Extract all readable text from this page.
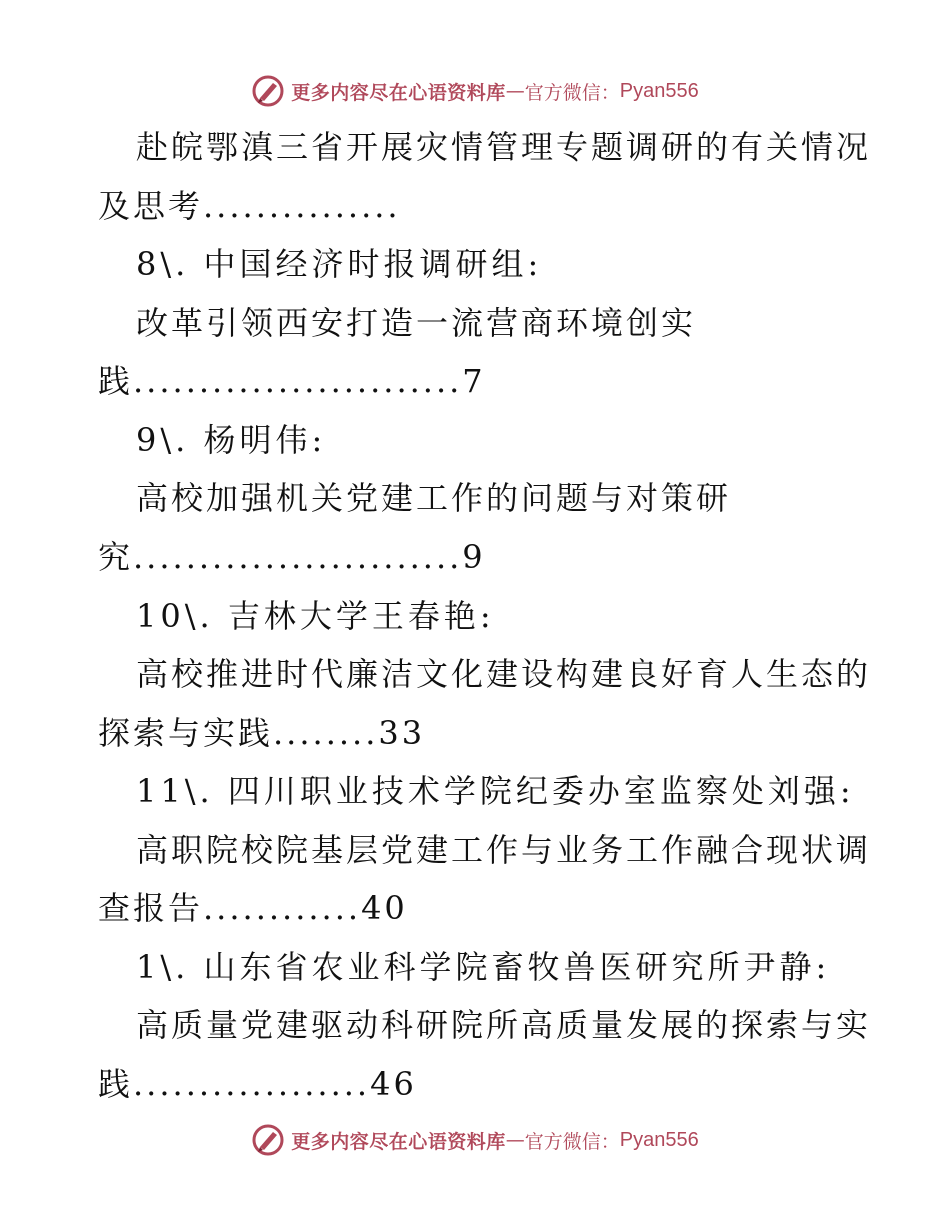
更多内容尽在心语资料库 — 官方微信： Pyan556
赴皖鄂滇三省开展灾情管理专题调研的有关情况
及思考...............
8\. 中国经济时报调研组:
改革引领西安打造一流营商环境创实
践.........................7
9\. 杨明伟:
高校加强机关党建工作的问题与对策研
究.........................9
10\. 吉林大学王春艳:
高校推进时代廉洁文化建设构建良好育人生态的
探索与实践........33
11\. 四川职业技术学院纪委办室监察处刘强:
高职院校院基层党建工作与业务工作融合现状调
查报告............40
1\. 山东省农业科学院畜牧兽医研究所尹静:
高质量党建驱动科研院所高质量发展的探索与实
践..................46
更多内容尽在心语资料库 — 官方微信： Pyan556
